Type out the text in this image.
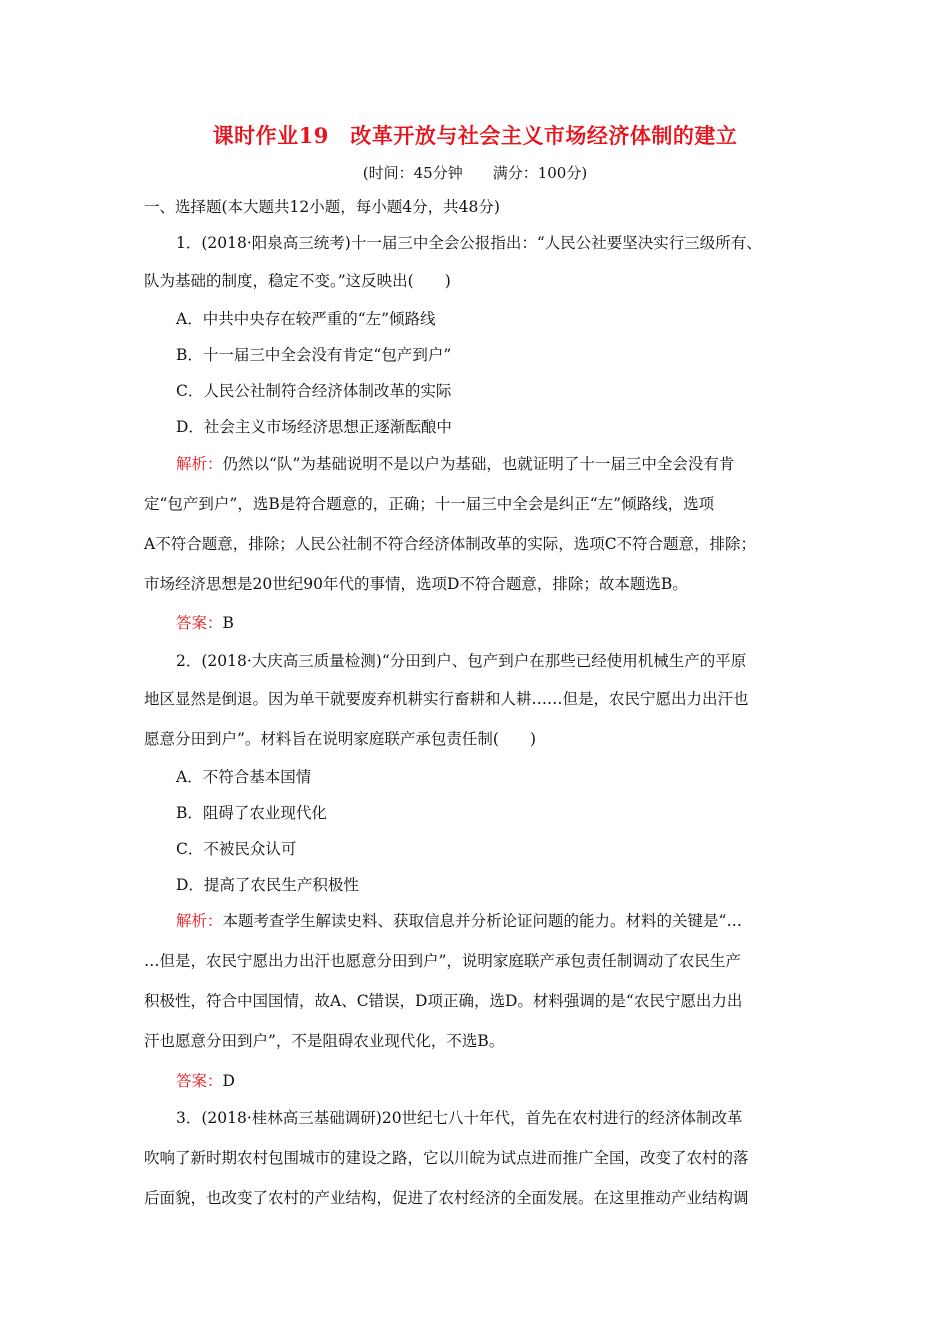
课时作业19　改革开放与社会主义市场经济体制的建立
(时间：45分钟　　满分：100分)
一、选择题(本大题共12小题，每小题4分，共48分)
1．(2018·阳泉高三统考)十一届三中全会公报指出：“人民公社要坚决实行三级所有、
队为基础的制度，稳定不变。”这反映出(　　)
A．中共中央存在较严重的“左”倾路线
B．十一届三中全会没有肯定“包产到户”
C．人民公社制符合经济体制改革的实际
D．社会主义市场经济思想正逐渐酝酿中
解析：仍然以“队”为基础说明不是以户为基础，也就证明了十一届三中全会没有肯
定“包产到户”，选B是符合题意的，正确；十一届三中全会是纠正“左”倾路线，选项
A不符合题意，排除；人民公社制不符合经济体制改革的实际，选项C不符合题意，排除；
市场经济思想是20世纪90年代的事情，选项D不符合题意，排除；故本题选B。
答案：B
2．(2018·大庆高三质量检测)“分田到户、包产到户在那些已经使用机械生产的平原
地区显然是倒退。因为单干就要废弃机耕实行畜耕和人耕……但是，农民宁愿出力出汗也
愿意分田到户”。材料旨在说明家庭联产承包责任制(　　)
A．不符合基本国情
B．阻碍了农业现代化
C．不被民众认可
D．提高了农民生产积极性
解析：本题考查学生解读史料、获取信息并分析论证问题的能力。材料的关键是“…
…但是，农民宁愿出力出汗也愿意分田到户”，说明家庭联产承包责任制调动了农民生产
积极性，符合中国国情，故A、C错误，D项正确，选D。材料强调的是“农民宁愿出力出
汗也愿意分田到户”，不是阻碍农业现代化，不选B。
答案：D
3．(2018·桂林高三基础调研)20世纪七八十年代，首先在农村进行的经济体制改革
吹响了新时期农村包围城市的建设之路，它以川皖为试点进而推广全国，改变了农村的落
后面貌，也改变了农村的产业结构，促进了农村经济的全面发展。在这里推动产业结构调
